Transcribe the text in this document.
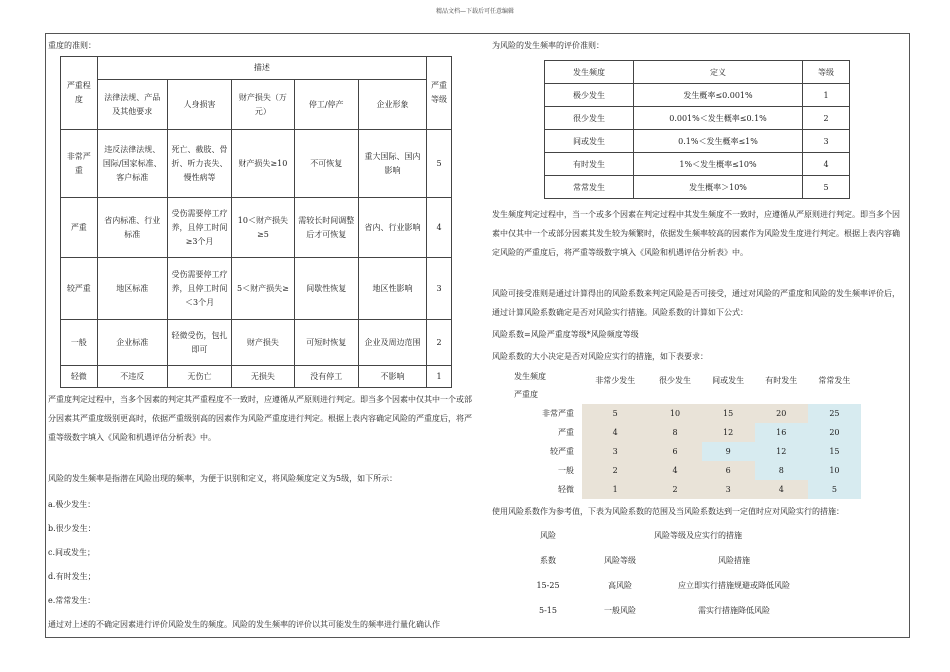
精品文档—下载后可任意编辑

重度的准则：

严重程度	描述					严重等级
	法律法规、产品及其他要求	人身损害	财产损失（万元）	停工/停产	企业形象	
非常严重	违反法律法规、国际/国家标准、客户标准	死亡、截肢、骨折、听力丧失、慢性病等	财产损失≥10	不可恢复	重大国际、国内影响	5
严重	省内标准、行业标准	受伤需要停工疗养，且停工时间≥3个月	10＜财产损失≥5	需较长时间调整后才可恢复	省内、行业影响	4
较严重	地区标准	受伤需要停工疗养，且停工时间＜3个月	5＜财产损失≥	间歇性恢复	地区性影响	3
一般	企业标准	轻微受伤，包扎即可	财产损失	可短时恢复	企业及周边范围	2
轻微	不违反	无伤亡	无损失	没有停工	不影响	1

严重度判定过程中，当多个因素的判定其严重程度不一致时，应遵循从严原则进行判定。即当多个因素中仅其中一个或部分因素其严重度级别更高时，依据严重级别高的因素作为风险严重度进行判定。根据上表内容确定风险的严重度后，将严重等级数字填入《风险和机遇评估分析表》中。

风险的发生频率是指潜在风险出现的频率，为便于识别和定义，将风险频度定义为5级，如下所示：

a.极少发生：

b.很少发生：

c.间或发生；

d.有时发生；

e.常常发生：

通过对上述的不确定因素进行评价风险发生的频度。风险的发生频率的评价以其可能发生的频率进行量化确认作

为风险的发生频率的评价准则：

发生频度	定义	等级
极少发生	发生概率≤0.001%	1
很少发生	0.001%＜发生概率≤0.1%	2
间或发生	0.1%＜发生概率≤1%	3
有时发生	1%＜发生概率≤10%	4
常常发生	发生概率＞10%	5

发生频度判定过程中，当一个或多个因素在判定过程中其发生频度不一致时，应遵循从严原则进行判定。即当多个因素中仅其中一个或部分因素其发生较为频繁时，依据发生频率较高的因素作为风险发生度进行判定。根据上表内容确定风险的严重度后，将严重等级数字填入《风险和机遇评估分析表》中。

风险可接受准则是通过计算得出的风险系数来判定风险是否可接受，通过对风险的严重度和风险的发生频率评价后，通过计算风险系数确定是否对风险实行措施。风险系数的计算如下公式：

风险系数=风险严重度等级*风险频度等级

风险系数的大小决定是否对风险应实行的措施，如下表要求：

发生频度
严重度	非常少发生	很少发生	间或发生	有时发生	常常发生

非常严重	5	10	15	20	25
严重	4	8	12	16	20
较严重	3	6	9	12	15
一般	2	4	6	8	10
轻微	1	2	3	4	5

使用风险系数作为参考值，下表为风险系数的范围及当风险系数达到一定值时应对风险实行的措施：

风险	风险等级及应实行的措施	
系数	风险等级	风险措施
15-25	高风险	应立即实行措施规避或降低风险
5-15	一般风险	需实行措施降低风险
